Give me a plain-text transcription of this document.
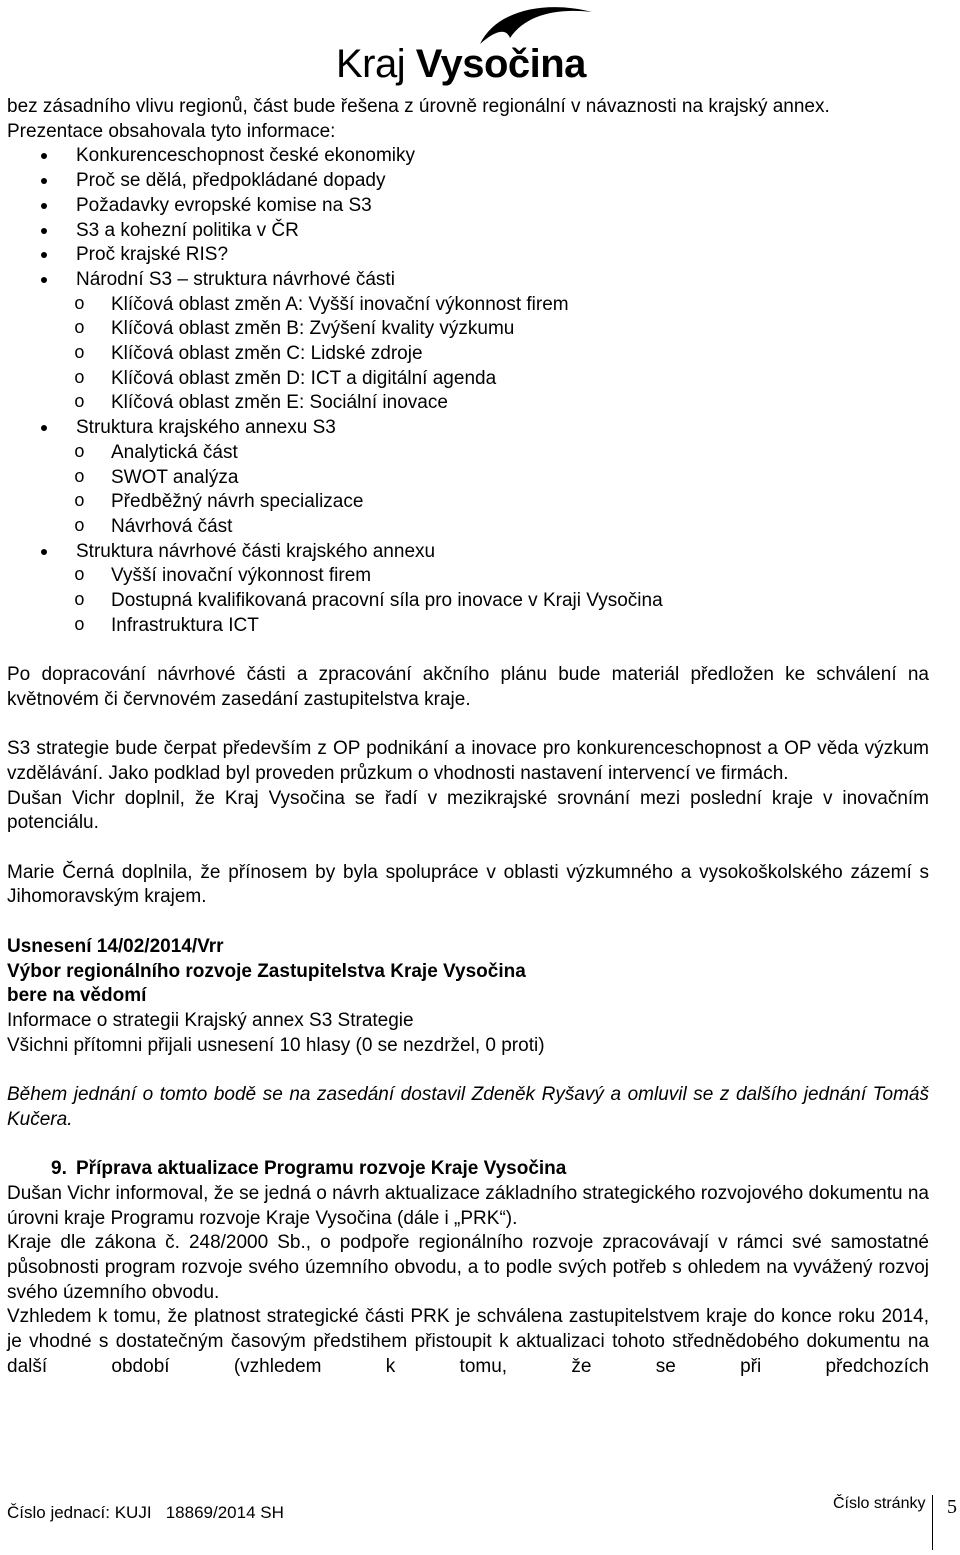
Kraj Vysočina

bez zásadního vlivu regionů, část bude řešena z úrovně regionální v návaznosti na krajský annex.

Prezentace obsahovala tyto informace:

Konkurenceschopnost české ekonomiky
Proč se dělá, předpokládané dopady
Požadavky evropské komise na S3
S3 a kohezní politika v ČR
Proč krajské RIS?
Národní S3 – struktura návrhové části
o Klíčová oblast změn A: Vyšší inovační výkonnost firem
o Klíčová oblast změn B: Zvýšení kvality výzkumu
o Klíčová oblast změn C: Lidské zdroje
o Klíčová oblast změn D: ICT a digitální agenda
o Klíčová oblast změn E: Sociální inovace
Struktura krajského annexu S3
o Analytická část
o SWOT analýza
o Předběžný návrh specializace
o Návrhová část
Struktura návrhové části krajského annexu
o Vyšší inovační výkonnost firem
o Dostupná kvalifikovaná pracovní síla pro inovace v Kraji Vysočina
o Infrastruktura ICT

Po dopracování návrhové části a zpracování akčního plánu bude materiál předložen ke schválení na květnovém či červnovém zasedání zastupitelstva kraje.

S3 strategie bude čerpat především z OP podnikání a inovace pro konkurenceschopnost a OP věda výzkum vzdělávání. Jako podklad byl proveden průzkum o vhodnosti nastavení intervencí ve firmách.

Dušan Vichr doplnil, že Kraj Vysočina se řadí v mezikrajské srovnání mezi poslední kraje v inovačním potenciálu.

Marie Černá doplnila, že přínosem by byla spolupráce v oblasti výzkumného a vysokoškolského zázemí s Jihomoravským krajem.

Usnesení 14/02/2014/Vrr

Výbor regionálního rozvoje Zastupitelstva Kraje Vysočina

bere na vědomí

Informace o strategii Krajský annex S3 Strategie

Všichni přítomni přijali usnesení 10 hlasy (0 se nezdržel, 0 proti)

Během jednání o tomto bodě se na zasedání dostavil Zdeněk Ryšavý a omluvil se z dalšího jednání Tomáš Kučera.

9. Příprava aktualizace Programu rozvoje Kraje Vysočina

Dušan Vichr informoval, že se jedná o návrh aktualizace základního strategického rozvojového dokumentu na úrovni kraje Programu rozvoje Kraje Vysočina (dále i „PRK“).

Kraje dle zákona č. 248/2000 Sb., o podpoře regionálního rozvoje zpracovávají v rámci své samostatné působnosti program rozvoje svého územního obvodu, a to podle svých potřeb s ohledem na vyvážený rozvoj svého územního obvodu.

Vzhledem k tomu, že platnost strategické části PRK je schválena zastupitelstvem kraje do konce roku 2014, je vhodné s dostatečným časovým předstihem přistoupit k aktualizaci tohoto střednědobého dokumentu na další období (vzhledem k tomu, že se při předchozích

Číslo jednací: KUJI   18869/2014 SH	Číslo stránky 5
